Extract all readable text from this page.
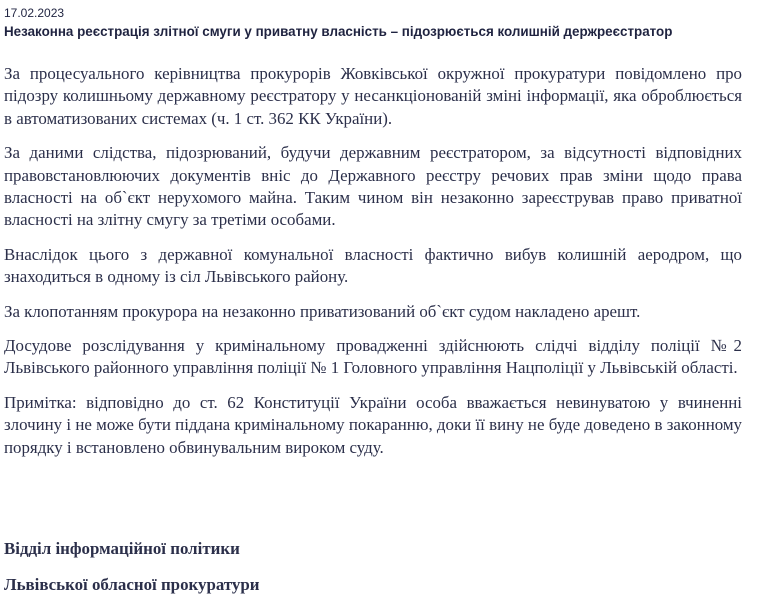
17.02.2023
Незаконна реєстрація злітної смуги у приватну власність – підозрюється колишній держреєстратор

За процесуального керівництва прокурорів Жовківської окружної прокуратури повідомлено про підозру колишньому державному реєстратору у несанкціонованій зміні інформації, яка оброблюється в автоматизованих системах (ч. 1 ст. 362 КК України).

За даними слідства, підозрюваний, будучи державним реєстратором, за відсутності відповідних правовстановлюючих документів вніс до Державного реєстру речових прав зміни щодо права власності на об`єкт нерухомого майна. Таким чином він незаконно зареєстрував право приватної власності на злітну смугу за третіми особами.

Внаслідок цього з державної комунальної власності фактично вибув колишній аеродром, що знаходиться в одному із сіл Львівського району.

За клопотанням прокурора на незаконно приватизований об`єкт судом накладено арешт.

Досудове розслідування у кримінальному провадженні здійснюють слідчі відділу поліції №2 Львівського районного управління поліції № 1 Головного управління Нацполіції у Львівській області.

Примітка: відповідно до ст. 62 Конституції України особа вважається невинуватою у вчиненні злочину і не може бути піддана кримінальному покаранню, доки її вину не буде доведено в законному порядку і встановлено обвинувальним вироком суду.

Відділ інформаційної політики
Львівської обласної прокуратури
